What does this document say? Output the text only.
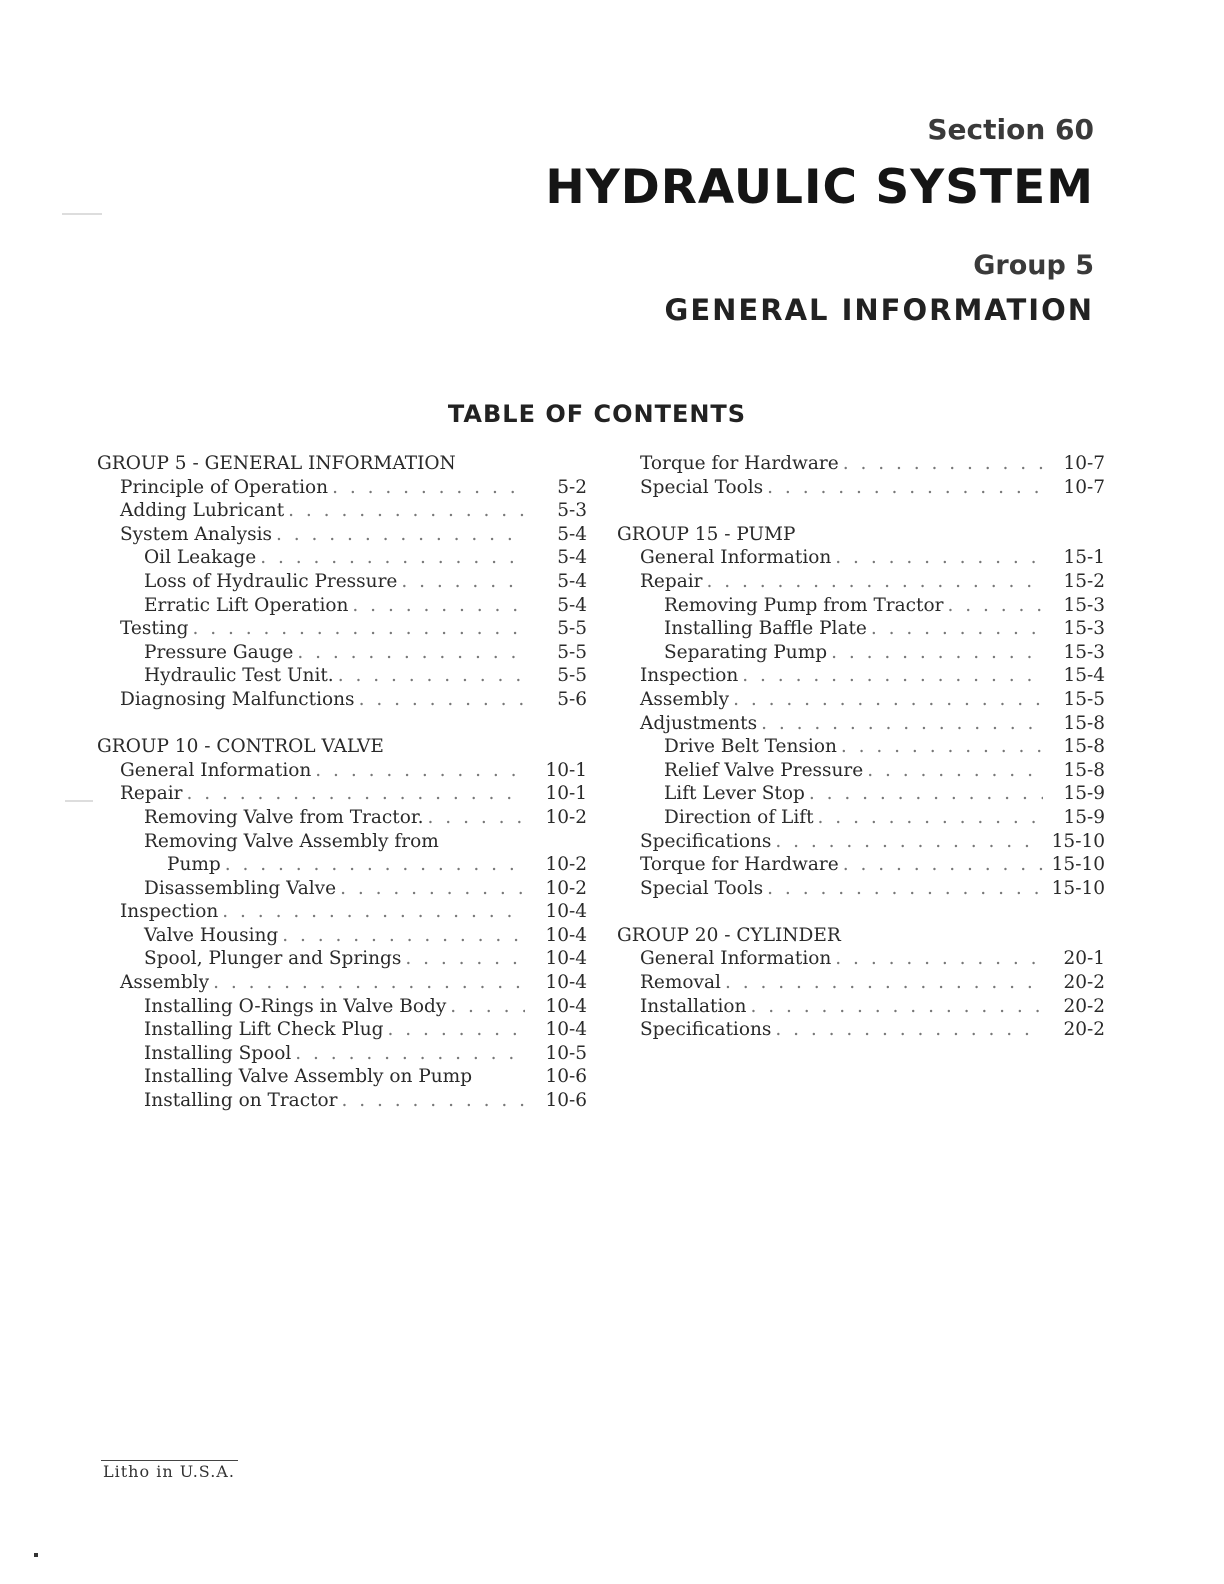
Section 60
HYDRAULIC SYSTEM
Group 5
GENERAL INFORMATION
TABLE OF CONTENTS
GROUP 5 - GENERAL INFORMATION
Principle of Operation . . .	5-2
Adding Lubricant . . .	5-3
System Analysis . . .	5-4
Oil Leakage . . .	5-4
Loss of Hydraulic Pressure . . .	5-4
Erratic Lift Operation . . .	5-4
Testing . . .	5-5
Pressure Gauge . . .	5-5
Hydraulic Test Unit. . . .	5-5
Diagnosing Malfunctions . . .	5-6
GROUP 10 - CONTROL VALVE
General Information . . .	10-1
Repair . . .	10-1
Removing Valve from Tractor. . . .	10-2
Removing Valve Assembly from
Pump . . .	10-2
Disassembling Valve . . .	10-2
Inspection . . .	10-4
Valve Housing . . .	10-4
Spool, Plunger and Springs . . .	10-4
Assembly . . .	10-4
Installing O-Rings in Valve Body . . .	10-4
Installing Lift Check Plug . . .	10-4
Installing Spool . . .	10-5
Installing Valve Assembly on Pump	10-6
Installing on Tractor . . .	10-6
Torque for Hardware . . .	10-7
Special Tools . . .	10-7
GROUP 15 - PUMP
General Information . . .	15-1
Repair . . .	15-2
Removing Pump from Tractor . . .	15-3
Installing Baffle Plate . . .	15-3
Separating Pump . . .	15-3
Inspection . . .	15-4
Assembly . . .	15-5
Adjustments . . .	15-8
Drive Belt Tension . . .	15-8
Relief Valve Pressure . . .	15-8
Lift Lever Stop . . .	15-9
Direction of Lift . . .	15-9
Specifications . . .	15-10
Torque for Hardware . . .	15-10
Special Tools . . .	15-10
GROUP 20 - CYLINDER
General Information . . .	20-1
Removal . . .	20-2
Installation . . .	20-2
Specifications . . .	20-2
Litho in U.S.A.
